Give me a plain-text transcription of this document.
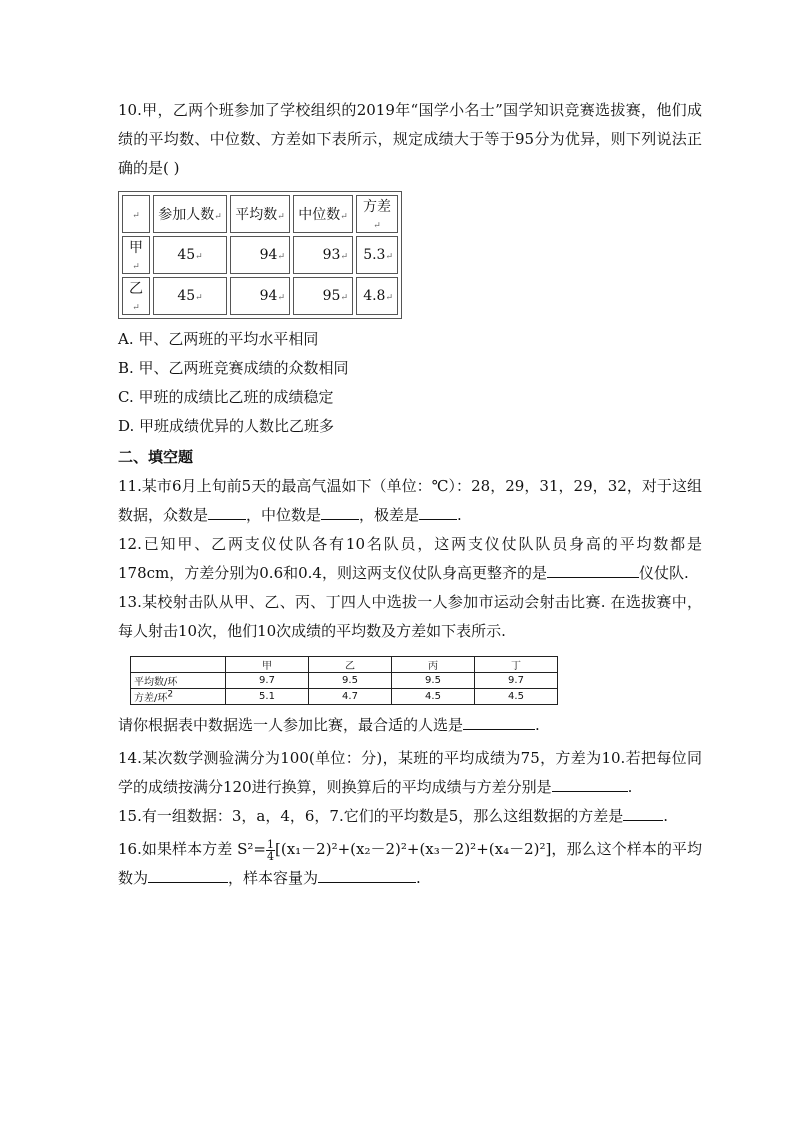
10.甲，乙两个班参加了学校组织的2019年“国学小名士”国学知识竞赛选拔赛，他们成绩的平均数、中位数、方差如下表所示，规定成绩大于等于95分为优异，则下列说法正确的是( )

↵	参加人数↵	平均数↵	中位数↵	方差↵
甲↵	45↵	94↵	93↵	5.3↵
乙↵	45↵	94↵	95↵	4.8↵

A. 甲、乙两班的平均水平相同

B. 甲、乙两班竞赛成绩的众数相同

C. 甲班的成绩比乙班的成绩稳定

D. 甲班成绩优异的人数比乙班多

二、填空题

11.某市6月上旬前5天的最高气温如下（单位：℃）：28，29，31，29，32，对于这组数据，众数是	，中位数是	，极差是	.

12.已知甲、乙两支仪仗队各有10名队员，这两支仪仗队队员身高的平均数都是178cm，方差分别为0.6和0.4，则这两支仪仗队身高更整齐的是	仪仗队.

13.某校射击队从甲、乙、丙、丁四人中选拔一人参加市运动会射击比赛. 在选拔赛中，每人射击10次，他们10次成绩的平均数及方差如下表所示.

	甲	乙	丙	丁
平均数/环	9.7	9.5	9.5	9.7
方差/环$^2$	5.1	4.7	4.5	4.5

请你根据表中数据选一人参加比赛，最合适的人选是	.

14.某次数学测验满分为100(单位：分)，某班的平均成绩为75，方差为10.若把每位同学的成绩按满分120进行换算，则换算后的平均成绩与方差分别是	.

15.有一组数据：3，a，4，6，7.它们的平均数是5，那么这组数据的方差是	.

16.如果样本方差 $S^2= \frac{1}{4} [(x_1-2)^2+(x_2-2)^2+(x_3-2)^2+(x_4-2)^2]$，那么这个样本的平均数为	，样本容量为	.
